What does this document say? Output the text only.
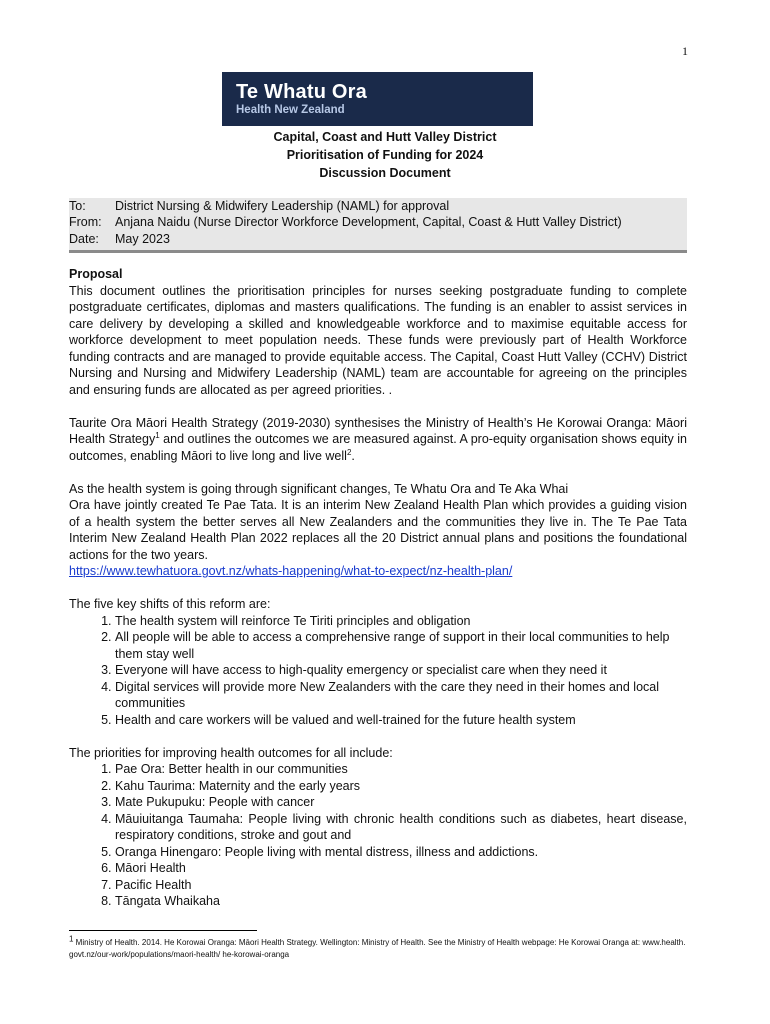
1
Te Whatu Ora
Health New Zealand
Capital, Coast and Hutt Valley District
Prioritisation of Funding for 2024
Discussion Document
To:	District Nursing & Midwifery Leadership (NAML) for approval
From:	Anjana Naidu (Nurse Director Workforce Development, Capital, Coast & Hutt Valley District)
Date:	May 2023

Proposal

This document outlines the prioritisation principles for nurses seeking postgraduate funding to complete postgraduate certificates, diplomas and masters qualifications. The funding is an enabler to assist services in care delivery by developing a skilled and knowledgeable workforce and to maximise equitable access for workforce development to meet population needs. These funds were previously part of Health Workforce funding contracts and are managed to provide equitable access. The Capital, Coast Hutt Valley (CCHV) District Nursing and Nursing and Midwifery Leadership (NAML) team are accountable for agreeing on the principles and ensuring funds are allocated as per agreed priorities. .

Taurite Ora Māori Health Strategy (2019-2030) synthesises the Ministry of Health’s He Korowai Oranga: Māori Health Strategy$^1$ and outlines the outcomes we are measured against. A pro-equity organisation shows equity in outcomes, enabling Māori to live long and live well$^2$.

As the health system is going through significant changes, Te Whatu Ora and Te Aka Whai

Ora have jointly created Te Pae Tata. It is an interim New Zealand Health Plan which provides a guiding vision of a health system the better serves all New Zealanders and the communities they live in. The Te Pae Tata Interim New Zealand Health Plan 2022 replaces all the 20 District annual plans and positions the foundational actions for the two years.

https://www.tewhatuora.govt.nz/whats-happening/what-to-expect/nz-health-plan/

The five key shifts of this reform are:

1. The health system will reinforce Te Tiriti principles and obligation
2. All people will be able to access a comprehensive range of support in their local communities to help them stay well
3. Everyone will have access to high-quality emergency or specialist care when they need it
4. Digital services will provide more New Zealanders with the care they need in their homes and local communities
5. Health and care workers will be valued and well-trained for the future health system

The priorities for improving health outcomes for all include:

1. Pae Ora: Better health in our communities
2. Kahu Taurima: Maternity and the early years
3. Mate Pukupuku: People with cancer
4. Māuiuitanga Taumaha: People living with chronic health conditions such as diabetes, heart disease, respiratory conditions, stroke and gout and
5. Oranga Hinengaro: People living with mental distress, illness and addictions.
6. Māori Health
7. Pacific Health
8. Tāngata Whaikaha
$^1$ Ministry of Health. 2014. He Korowai Oranga: Māori Health Strategy. Wellington: Ministry of Health. See the Ministry of Health webpage: He Korowai Oranga at: www.health. govt.nz/our-work/populations/maori-health/ he-korowai-oranga
